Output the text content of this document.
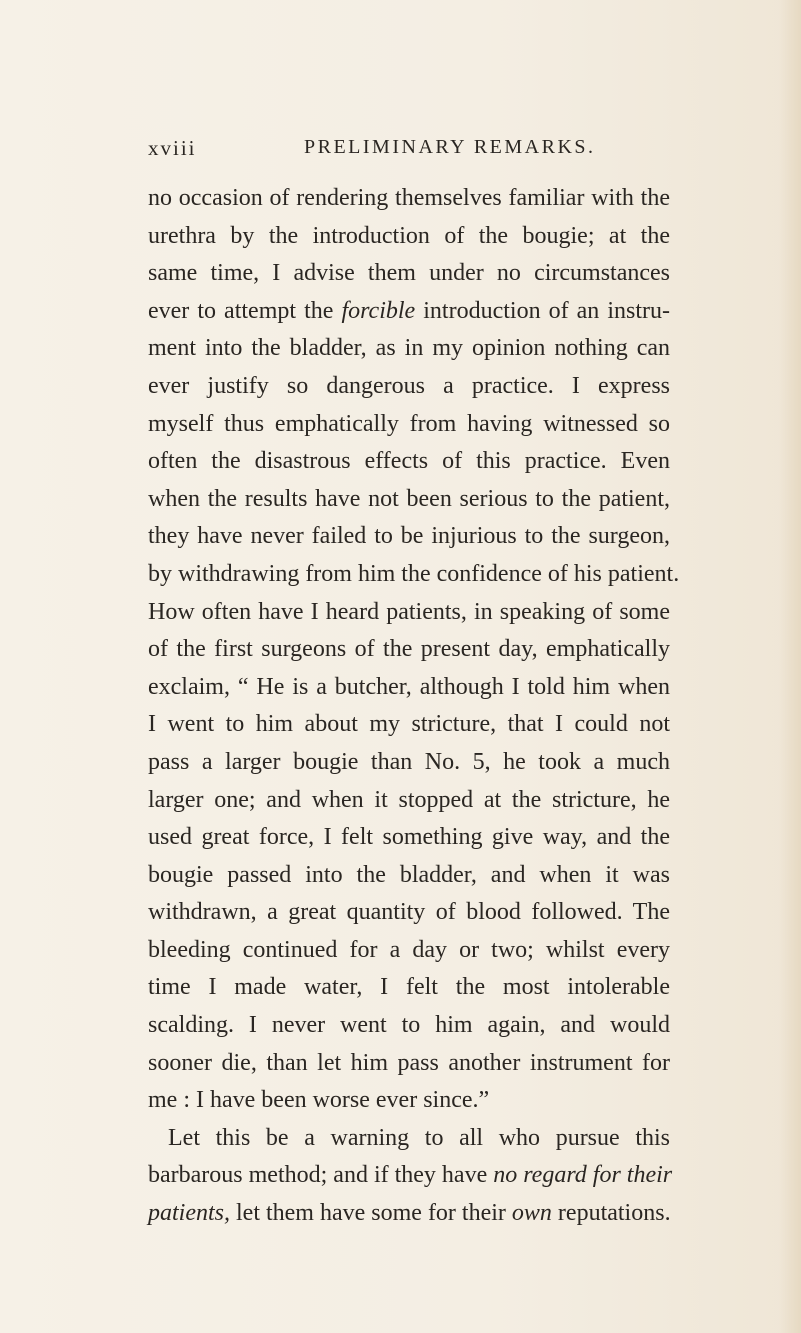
xviii	PRELIMINARY REMARKS.
no occasion of rendering themselves familiar with the
urethra by the introduction of the bougie; at the
same time, I advise them under no circumstances
ever to attempt the forcible introduction of an instru-
ment into the bladder, as in my opinion nothing can
ever justify so dangerous a practice. I express
myself thus emphatically from having witnessed so
often the disastrous effects of this practice. Even
when the results have not been serious to the patient,
they have never failed to be injurious to the surgeon,
by withdrawing from him the confidence of his patient.
How often have I heard patients, in speaking of some
of the first surgeons of the present day, emphatically
exclaim, “ He is a butcher, although I told him when
I went to him about my stricture, that I could not
pass a larger bougie than No. 5, he took a much
larger one; and when it stopped at the stricture, he
used great force, I felt something give way, and the
bougie passed into the bladder, and when it was
withdrawn, a great quantity of blood followed. The
bleeding continued for a day or two; whilst every
time I made water, I felt the most intolerable
scalding. I never went to him again, and would
sooner die, than let him pass another instrument for
me : I have been worse ever since.”
Let this be a warning to all who pursue this
barbarous method; and if they have no regard for their
patients, let them have some for their own reputations.
